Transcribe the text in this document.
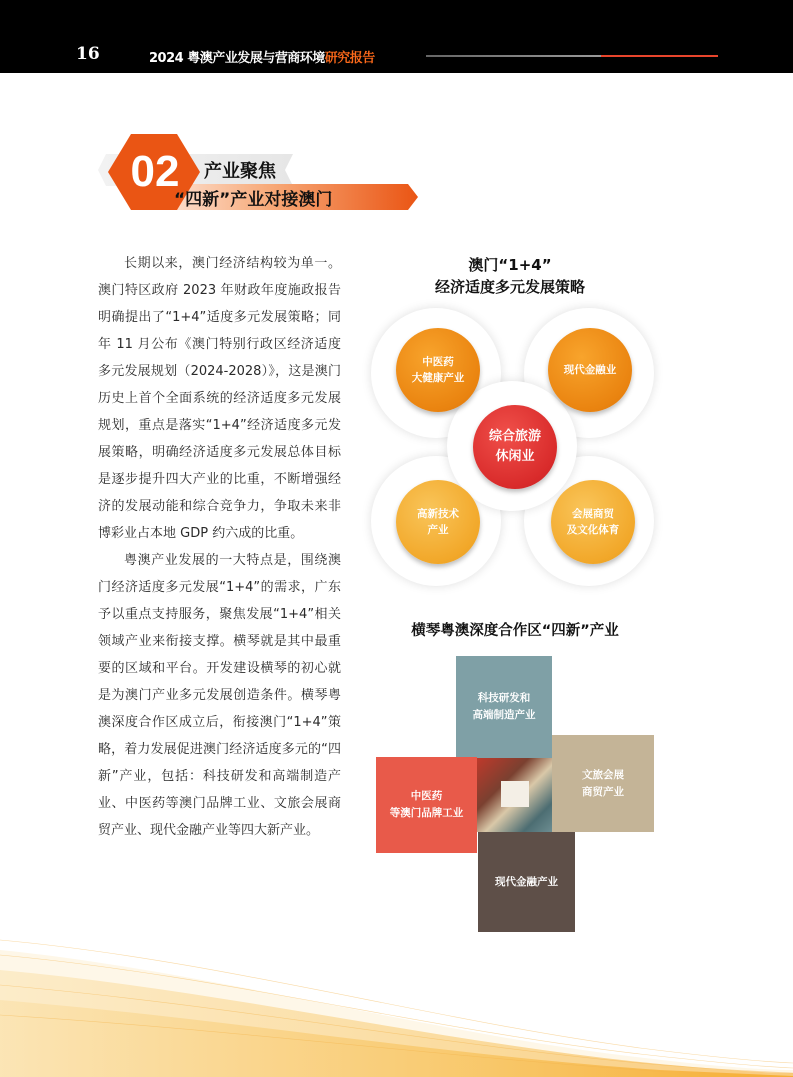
16	2024 粤澳产业发展与营商环境研究报告
02	产业聚焦
“四新”产业对接澳门

长期以来，澳门经济结构较为单一。澳门特区政府 2023 年财政年度施政报告明确提出了“1+4”适度多元发展策略；同年 11 月公布《澳门特别行政区经济适度多元发展规划（2024-2028）》，这是澳门历史上首个全面系统的经济适度多元发展规划，重点是落实“1+4”经济适度多元发展策略，明确经济适度多元发展总体目标是逐步提升四大产业的比重，不断增强经济的发展动能和综合竞争力，争取未来非博彩业占本地 GDP 约六成的比重。

粤澳产业发展的一大特点是，围绕澳门经济适度多元发展“1+4”的需求，广东予以重点支持服务，聚焦发展“1+4”相关领域产业来衔接支撑。横琴就是其中最重要的区域和平台。开发建设横琴的初心就是为澳门产业多元发展创造条件。横琴粤澳深度合作区成立后，衔接澳门“1+4”策略，着力发展促进澳门经济适度多元的“四新”产业，包括：科技研发和高端制造产业、中医药等澳门品牌工业、文旅会展商贸产业、现代金融产业等四大新产业。

澳门“1+4”
经济适度多元发展策略
中医药
大健康产业
现代金融业
高新技术
产业
会展商贸
及文化体育
综合旅游
休闲业
横琴粤澳深度合作区“四新”产业
科技研发和
高端制造产业
文旅会展
商贸产业
中医药
等澳门品牌工业
现代金融产业
